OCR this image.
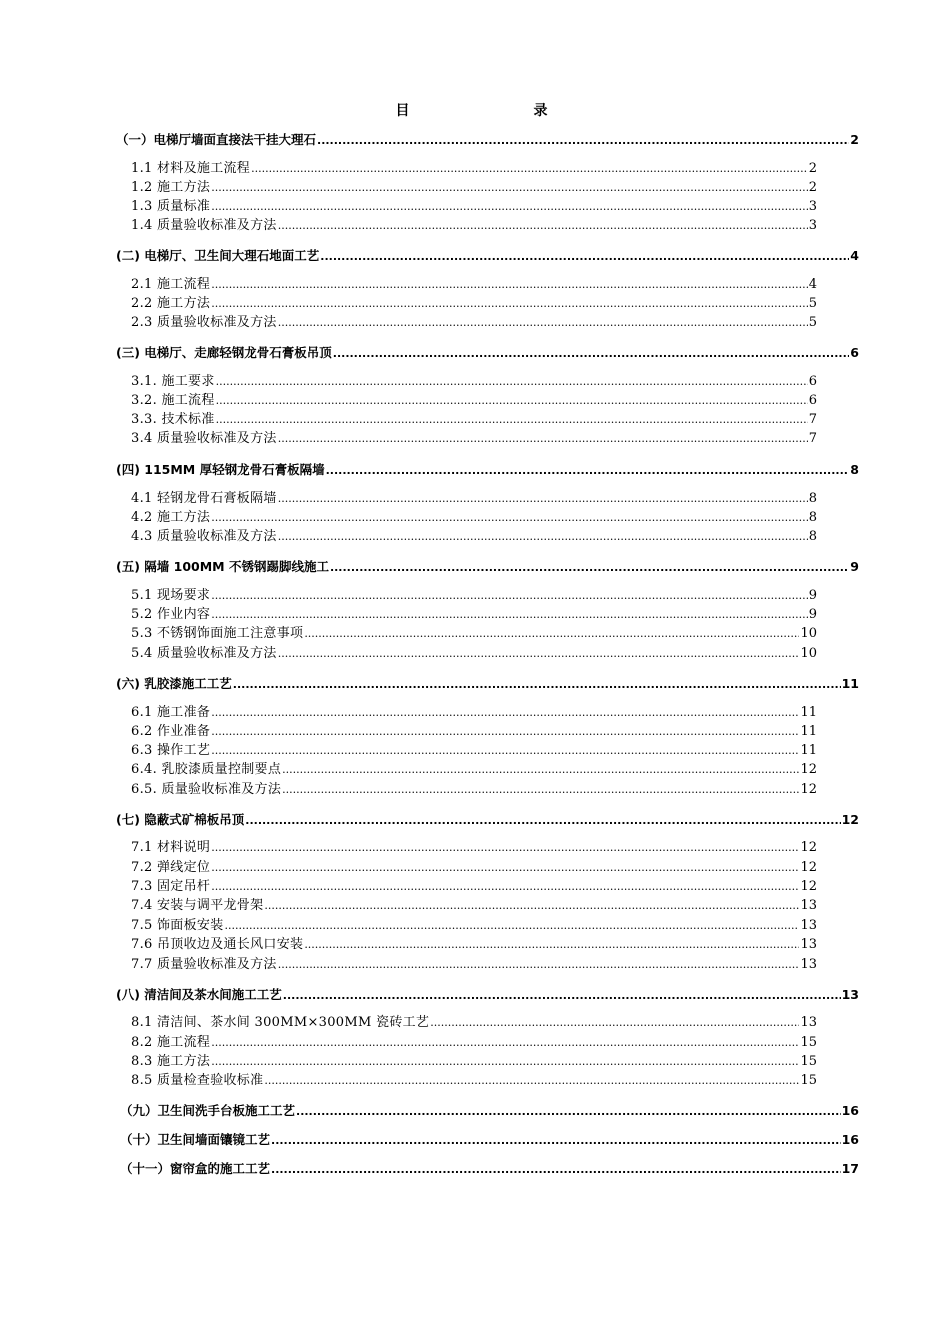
目　　录
（一）电梯厅墙面直接法干挂大理石 .....	2
1.1 材料及施工流程 .....	2
1.2 施工方法 .....	2
1.3 质量标准 .....	3
1.4 质量验收标准及方法 .....	3
(二) 电梯厅、卫生间大理石地面工艺 .....	4
2.1 施工流程 .....	4
2.2 施工方法 .....	5
2.3 质量验收标准及方法 .....	5
(三) 电梯厅、走廊轻钢龙骨石膏板吊顶 .....	6
3.1. 施工要求 .....	6
3.2. 施工流程 .....	6
3.3. 技术标准 .....	7
3.4 质量验收标准及方法 .....	7
(四) 115MM 厚轻钢龙骨石膏板隔墙 .....	8
4.1 轻钢龙骨石膏板隔墙 .....	8
4.2 施工方法 .....	8
4.3 质量验收标准及方法 .....	8
(五) 隔墙 100MM 不锈钢踢脚线施工 .....	9
5.1 现场要求 .....	9
5.2 作业内容 .....	9
5.3 不锈钢饰面施工注意事项 .....	10
5.4 质量验收标准及方法 .....	10
(六) 乳胶漆施工工艺 .....	11
6.1 施工准备 .....	11
6.2 作业准备 .....	11
6.3 操作工艺 .....	11
6.4. 乳胶漆质量控制要点 .....	12
6.5. 质量验收标准及方法 .....	12
(七) 隐蔽式矿棉板吊顶 .....	12
7.1 材料说明 .....	12
7.2 弹线定位 .....	12
7.3 固定吊杆 .....	12
7.4 安装与调平龙骨架 .....	13
7.5 饰面板安装 .....	13
7.6 吊顶收边及通长风口安装 .....	13
7.7 质量验收标准及方法 .....	13
(八) 清洁间及茶水间施工工艺 .....	13
8.1 清洁间、茶水间 300MM×300MM 瓷砖工艺 .....	13
8.2 施工流程 .....	15
8.3 施工方法 .....	15
8.5 质量检查验收标准 .....	15
（九）卫生间洗手台板施工工艺 .....	16
（十）卫生间墙面镶镜工艺 .....	16
（十一）窗帘盒的施工工艺 .....	17
